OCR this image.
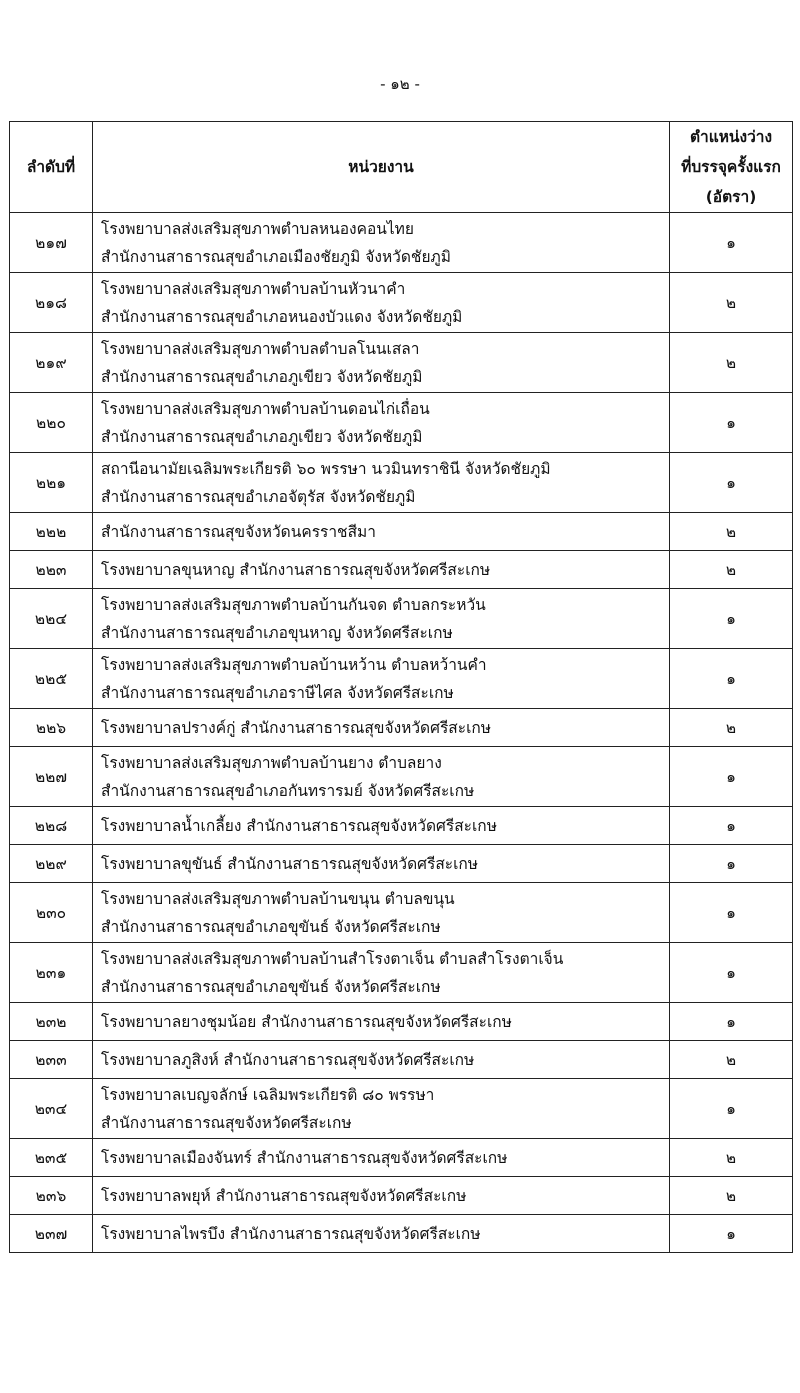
- ๑๒ -
ลำดับที่	หน่วยงาน	ตำแหน่งว่าง
ที่บรรจุครั้งแรก
(อัตรา)

๒๑๗	โรงพยาบาลส่งเสริมสุขภาพตำบลหนองคอนไทย
สำนักงานสาธารณสุขอำเภอเมืองชัยภูมิ จังหวัดชัยภูมิ	๑
๒๑๘	โรงพยาบาลส่งเสริมสุขภาพตำบลบ้านหัวนาคำ
สำนักงานสาธารณสุขอำเภอหนองบัวแดง จังหวัดชัยภูมิ	๒
๒๑๙	โรงพยาบาลส่งเสริมสุขภาพตำบลตำบลโนนเสลา
สำนักงานสาธารณสุขอำเภอภูเขียว จังหวัดชัยภูมิ	๒
๒๒๐	โรงพยาบาลส่งเสริมสุขภาพตำบลบ้านดอนไก่เถื่อน
สำนักงานสาธารณสุขอำเภอภูเขียว จังหวัดชัยภูมิ	๑
๒๒๑	สถานีอนามัยเฉลิมพระเกียรติ ๖๐ พรรษา นวมินทราชินี จังหวัดชัยภูมิ
สำนักงานสาธารณสุขอำเภอจัตุรัส จังหวัดชัยภูมิ	๑
๒๒๒	สำนักงานสาธารณสุขจังหวัดนครราชสีมา	๒
๒๒๓	โรงพยาบาลขุนหาญ สำนักงานสาธารณสุขจังหวัดศรีสะเกษ	๒
๒๒๔	โรงพยาบาลส่งเสริมสุขภาพตำบลบ้านกันจด ตำบลกระหวัน
สำนักงานสาธารณสุขอำเภอขุนหาญ จังหวัดศรีสะเกษ	๑
๒๒๕	โรงพยาบาลส่งเสริมสุขภาพตำบลบ้านหว้าน ตำบลหว้านคำ
สำนักงานสาธารณสุขอำเภอราษีไศล จังหวัดศรีสะเกษ	๑
๒๒๖	โรงพยาบาลปรางค์กู่ สำนักงานสาธารณสุขจังหวัดศรีสะเกษ	๒
๒๒๗	โรงพยาบาลส่งเสริมสุขภาพตำบลบ้านยาง ตำบลยาง
สำนักงานสาธารณสุขอำเภอกันทรารมย์ จังหวัดศรีสะเกษ	๑
๒๒๘	โรงพยาบาลน้ำเกลี้ยง สำนักงานสาธารณสุขจังหวัดศรีสะเกษ	๑
๒๒๙	โรงพยาบาลขุขันธ์ สำนักงานสาธารณสุขจังหวัดศรีสะเกษ	๑
๒๓๐	โรงพยาบาลส่งเสริมสุขภาพตำบลบ้านขนุน ตำบลขนุน
สำนักงานสาธารณสุขอำเภอขุขันธ์ จังหวัดศรีสะเกษ	๑
๒๓๑	โรงพยาบาลส่งเสริมสุขภาพตำบลบ้านสำโรงตาเจ็น ตำบลสำโรงตาเจ็น
สำนักงานสาธารณสุขอำเภอขุขันธ์ จังหวัดศรีสะเกษ	๑
๒๓๒	โรงพยาบาลยางชุมน้อย สำนักงานสาธารณสุขจังหวัดศรีสะเกษ	๑
๒๓๓	โรงพยาบาลภูสิงห์ สำนักงานสาธารณสุขจังหวัดศรีสะเกษ	๒
๒๓๔	โรงพยาบาลเบญจลักษ์ เฉลิมพระเกียรติ ๘๐ พรรษา
สำนักงานสาธารณสุขจังหวัดศรีสะเกษ	๑
๒๓๕	โรงพยาบาลเมืองจันทร์ สำนักงานสาธารณสุขจังหวัดศรีสะเกษ	๒
๒๓๖	โรงพยาบาลพยุห์ สำนักงานสาธารณสุขจังหวัดศรีสะเกษ	๒
๒๓๗	โรงพยาบาลไพรบึง สำนักงานสาธารณสุขจังหวัดศรีสะเกษ	๑
